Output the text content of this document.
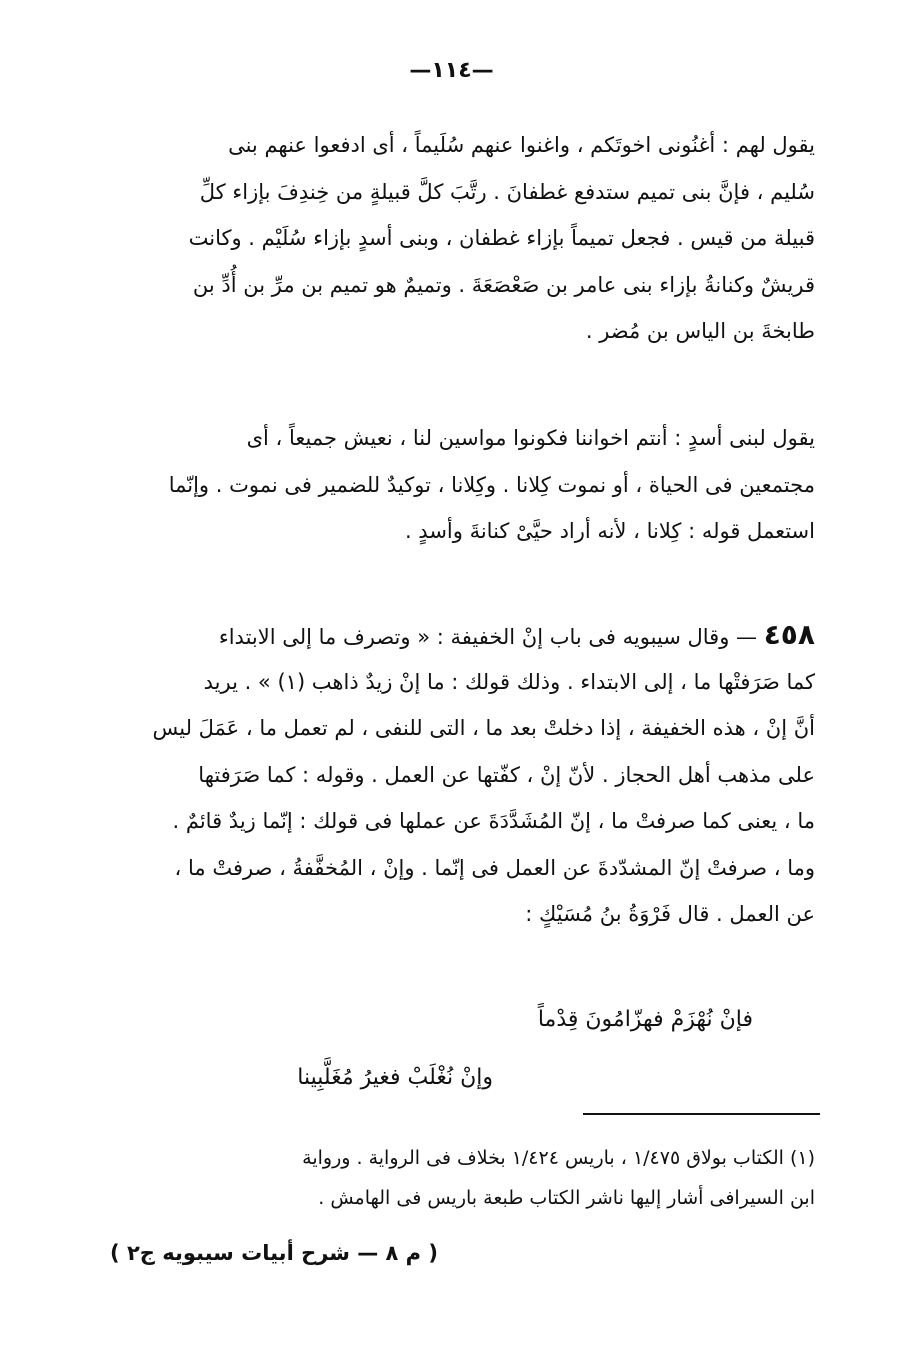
—١١٤—
يقول لهم : أغنُونى اخوتَكم ، واغنوا عنهم سُلَيماً ، أى ادفعوا عنهم بنى
سُليم ، فإنَّ بنى تميم ستدفع غطفانَ . رتَّبَ كلَّ قبيلةٍ من خِندِفَ بإزاء كلِّ
قبيلة من قيس . فجعل تميماً بإزاء غطفان ، وبنى أسدٍ بإزاء سُلَيْم . وكانت
قريشٌ وكنانةُ بإزاء بنى عامر بن صَعْصَعَةَ . وتميمٌ هو تميم بن مرِّ بن أُدِّ بن
طابخةَ بن الياس بن مُضر .
يقول لبنى أسدٍ : أنتم اخواننا فكونوا مواسين لنا ، نعيش جميعاً ، أى
مجتمعين فى الحياة ، أو نموت كِلانا . وكِلانا ، توكيدٌ للضمير فى نموت . وإنّما
استعمل قوله : كِلانا ، لأنه أراد حيَّىْ كنانةَ وأسدٍ .
٤٥٨ — وقال سيبويه فى باب إنْ الخفيفة : « وتصرف ما إلى الابتداء
كما صَرَفتْها ما ، إلى الابتداء . وذلك قولك : ما إنْ زيدٌ ذاهب (١) » . يريد
أنَّ إنْ ، هذه الخفيفة ، إذا دخلتْ بعد ما ، التى للنفى ، لم تعمل ما ، عَمَلَ ليس
على مذهب أهل الحجاز . لأنّ إنْ ، كفّتها عن العمل . وقوله : كما صَرَفتها
ما ، يعنى كما صرفتْ ما ، إنّ المُشَدَّدَةَ عن عملها فى قولك : إنّما زيدٌ قائمٌ .
وما ، صرفتْ إنّ المشدّدةَ عن العمل فى إنّما . وإنْ ، المُخفَّفةُ ، صرفتْ ما ،
عن العمل . قال فَرْوَةُ بنُ مُسَيْكٍ :
فإنْ نُهْزَمْ فهزّامُونَ قِدْماً
وإنْ نُغْلَبْ فغيرُ مُغَلَّبِينا
(١) الكتاب بولاق ١/٤٧٥ ، باريس ١/٤٢٤ بخلاف فى الرواية . ورواية
ابن السيرافى أشار إليها ناشر الكتاب طبعة باريس فى الهامش .
( م ٨ — شرح أبيات سيبويه ج٢ )
